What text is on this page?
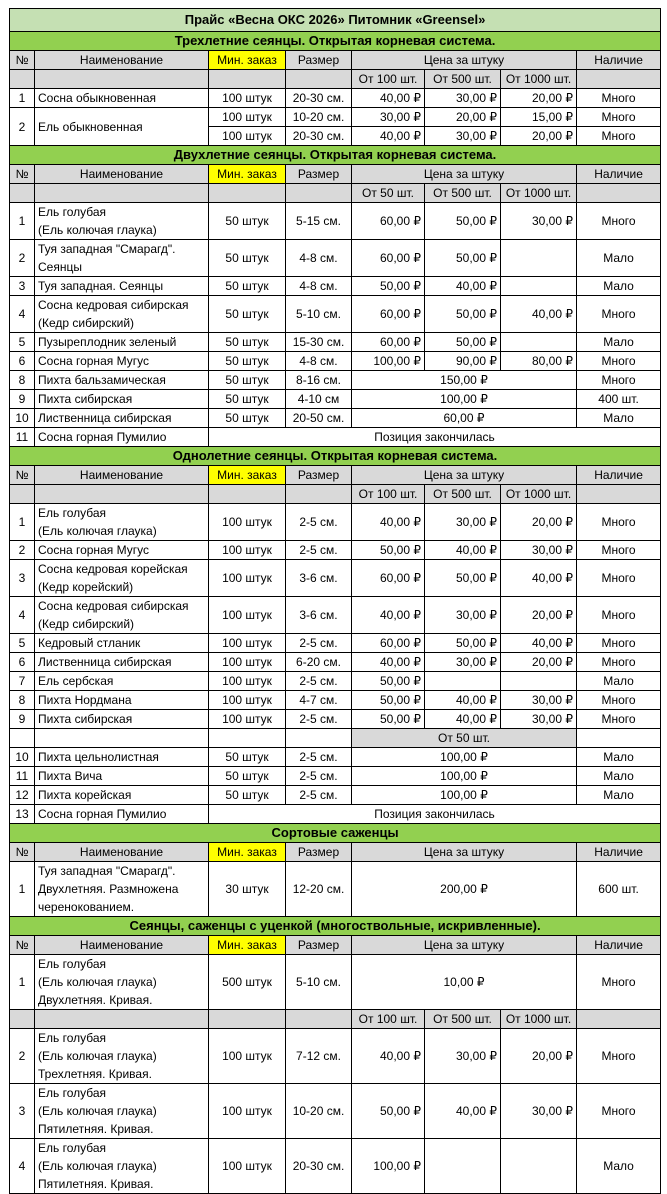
Прайс «Весна ОКС 2026» Питомник «Greensel»							
Трехлетние сеянцы. Открытая корневая система.							
№	Наименование	Мин. заказ	Размер	Цена за штуку			Наличие
				От 100 шт.	От 500 шт.	От 1000 шт.	
1	Сосна обыкновенная	100 штук	20-30 см.	40,00 ₽	30,00 ₽	20,00 ₽	Много
2	Ель обыкновенная	100 штук	10-20 см.	30,00 ₽	20,00 ₽	15,00 ₽	Много
		100 штук	20-30 см.	40,00 ₽	30,00 ₽	20,00 ₽	Много
Двухлетние сеянцы. Открытая корневая система.							
№	Наименование	Мин. заказ	Размер	Цена за штуку			Наличие
				От 50 шт.	От 500 шт.	От 1000 шт.	
1	Ель голубая
(Ель колючая глаука)	50 штук	5-15 см.	60,00 ₽	50,00 ₽	30,00 ₽	Много
2	Туя западная "Смарагд".
Сеянцы	50 штук	4-8 см.	60,00 ₽	50,00 ₽		Мало
3	Туя западная. Сеянцы	50 штук	4-8 см.	50,00 ₽	40,00 ₽		Мало
4	Сосна кедровая сибирская
(Кедр сибирский)	50 штук	5-10 см.	60,00 ₽	50,00 ₽	40,00 ₽	Много
5	Пузыреплодник зеленый	50 штук	15-30 см.	60,00 ₽	50,00 ₽		Мало
6	Сосна горная Мугус	50 штук	4-8 см.	100,00 ₽	90,00 ₽	80,00 ₽	Много
8	Пихта бальзамическая	50 штук	8-16 см.	150,00 ₽			Много
9	Пихта сибирская	50 штук	4-10 см	100,00 ₽			400 шт.
10	Лиственница сибирская	50 штук	20-50 см.	60,00 ₽			Мало
11	Сосна горная Пумилио	Позиция закончилась					
Однолетние сеянцы. Открытая корневая система.							
№	Наименование	Мин. заказ	Размер	Цена за штуку			Наличие
				От 100 шт.	От 500 шт.	От 1000 шт.	
1	Ель голубая
(Ель колючая глаука)	100 штук	2-5 см.	40,00 ₽	30,00 ₽	20,00 ₽	Много
2	Сосна горная Мугус	100 штук	2-5 см.	50,00 ₽	40,00 ₽	30,00 ₽	Много
3	Сосна кедровая корейская
(Кедр корейский)	100 штук	3-6 см.	60,00 ₽	50,00 ₽	40,00 ₽	Много
4	Сосна кедровая сибирская
(Кедр сибирский)	100 штук	3-6 см.	40,00 ₽	30,00 ₽	20,00 ₽	Много
5	Кедровый стланик	100 штук	2-5 см.	60,00 ₽	50,00 ₽	40,00 ₽	Много
6	Лиственница сибирская	100 штук	6-20 см.	40,00 ₽	30,00 ₽	20,00 ₽	Много
7	Ель сербская	100 штук	2-5 см.	50,00 ₽			Мало
8	Пихта Нордмана	100 штук	4-7 см.	50,00 ₽	40,00 ₽	30,00 ₽	Много
9	Пихта сибирская	100 штук	2-5 см.	50,00 ₽	40,00 ₽	30,00 ₽	Много
				От 50 шт.			
10	Пихта цельнолистная	50 штук	2-5 см.	100,00 ₽			Мало
11	Пихта Вича	50 штук	2-5 см.	100,00 ₽			Мало
12	Пихта корейская	50 штук	2-5 см.	100,00 ₽			Мало
13	Сосна горная Пумилио	Позиция закончилась					
Сортовые саженцы							
№	Наименование	Мин. заказ	Размер	Цена за штуку			Наличие
1	Туя западная "Смарагд".
Двухлетняя. Размножена
черенокованием.	30 штук	12-20 см.	200,00 ₽			600 шт.
Сеянцы, саженцы с уценкой (многоствольные, искривленные).							
№	Наименование	Мин. заказ	Размер	Цена за штуку			Наличие
1	Ель голубая
(Ель колючая глаука)
Двухлетняя. Кривая.	500 штук	5-10 см.	10,00 ₽			Много
				От 100 шт.	От 500 шт.	От 1000 шт.	
2	Ель голубая
(Ель колючая глаука)
Трехлетняя. Кривая.	100 штук	7-12 см.	40,00 ₽	30,00 ₽	20,00 ₽	Много
3	Ель голубая
(Ель колючая глаука)
Пятилетняя. Кривая.	100 штук	10-20 см.	50,00 ₽	40,00 ₽	30,00 ₽	Много
4	Ель голубая
(Ель колючая глаука)
Пятилетняя. Кривая.	100 штук	20-30 см.	100,00 ₽			Мало
